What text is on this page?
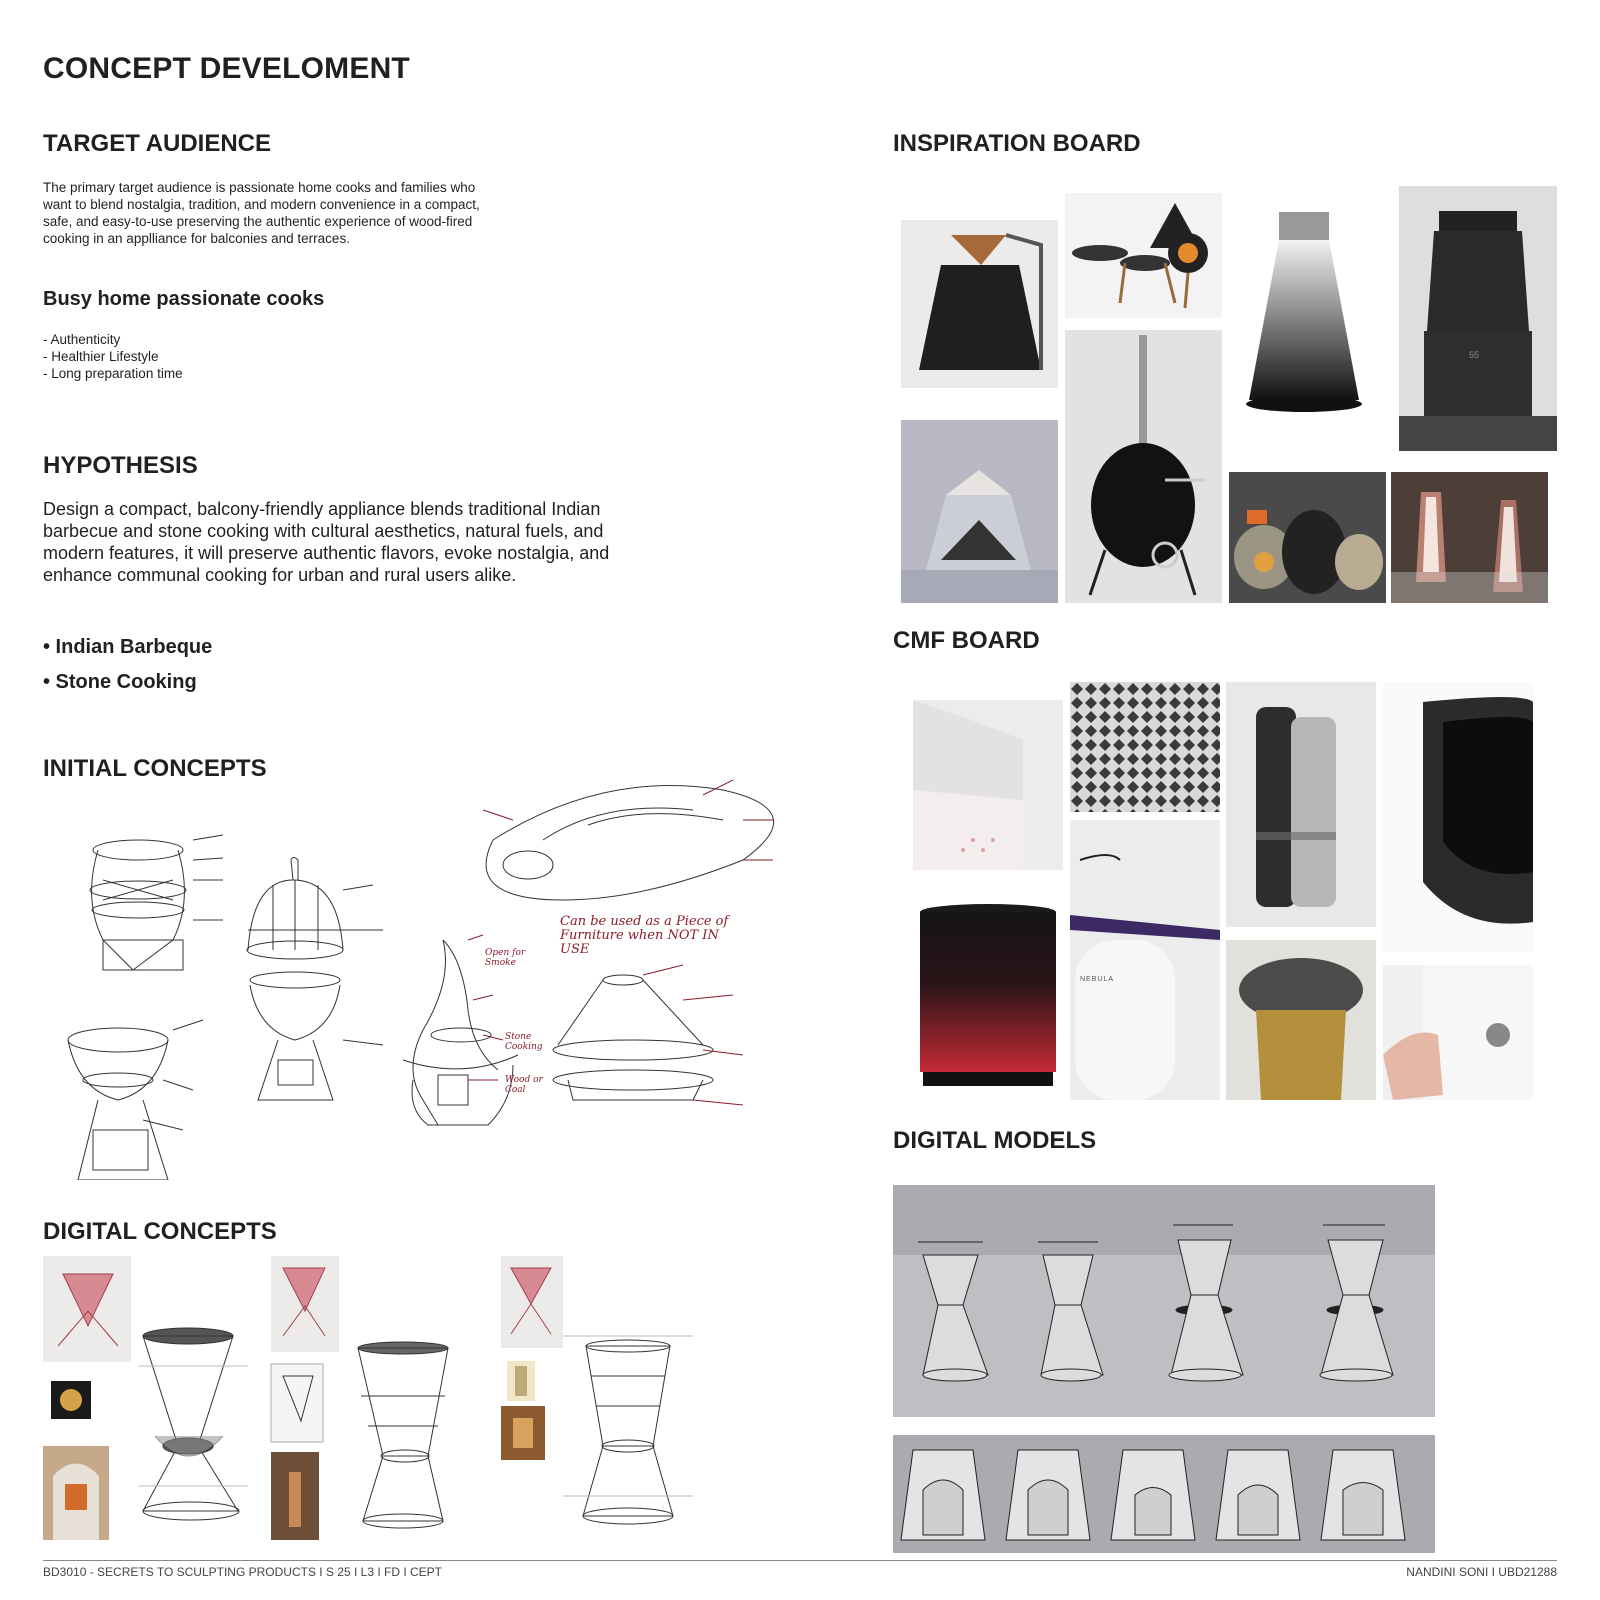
CONCEPT DEVELOMENT
TARGET AUDIENCE

The primary target audience is passionate home cooks and families who want to blend nostalgia, tradition, and modern convenience in a compact, safe, and easy-to-use preserving the authentic experience of wood-fired cooking in an applliance for balconies and terraces.

Busy home passionate cooks
- Authenticity
- Healthier Lifestyle
- Long preparation time
HYPOTHESIS

Design a compact, balcony-friendly appliance blends traditional Indian barbecue and stone cooking with cultural aesthetics, natural fuels, and modern features, it will preserve authentic flavors, evoke nostalgia, and enhance communal cooking for urban and rural users alike.

• Indian Barbeque
• Stone Cooking
INITIAL CONCEPTS
Can be used as a Piece of Furniture when NOT IN USE
Open for Smoke
Stone Cooking
Wood or Coal
DIGITAL CONCEPTS
INSPIRATION BOARD
55
CMF BOARD
NEBULA
DIGITAL MODELS
BD3010 - SECRETS TO SCULPTING PRODUCTS I S 25 I L3 I FD I CEPT	NANDINI SONI I UBD21288
